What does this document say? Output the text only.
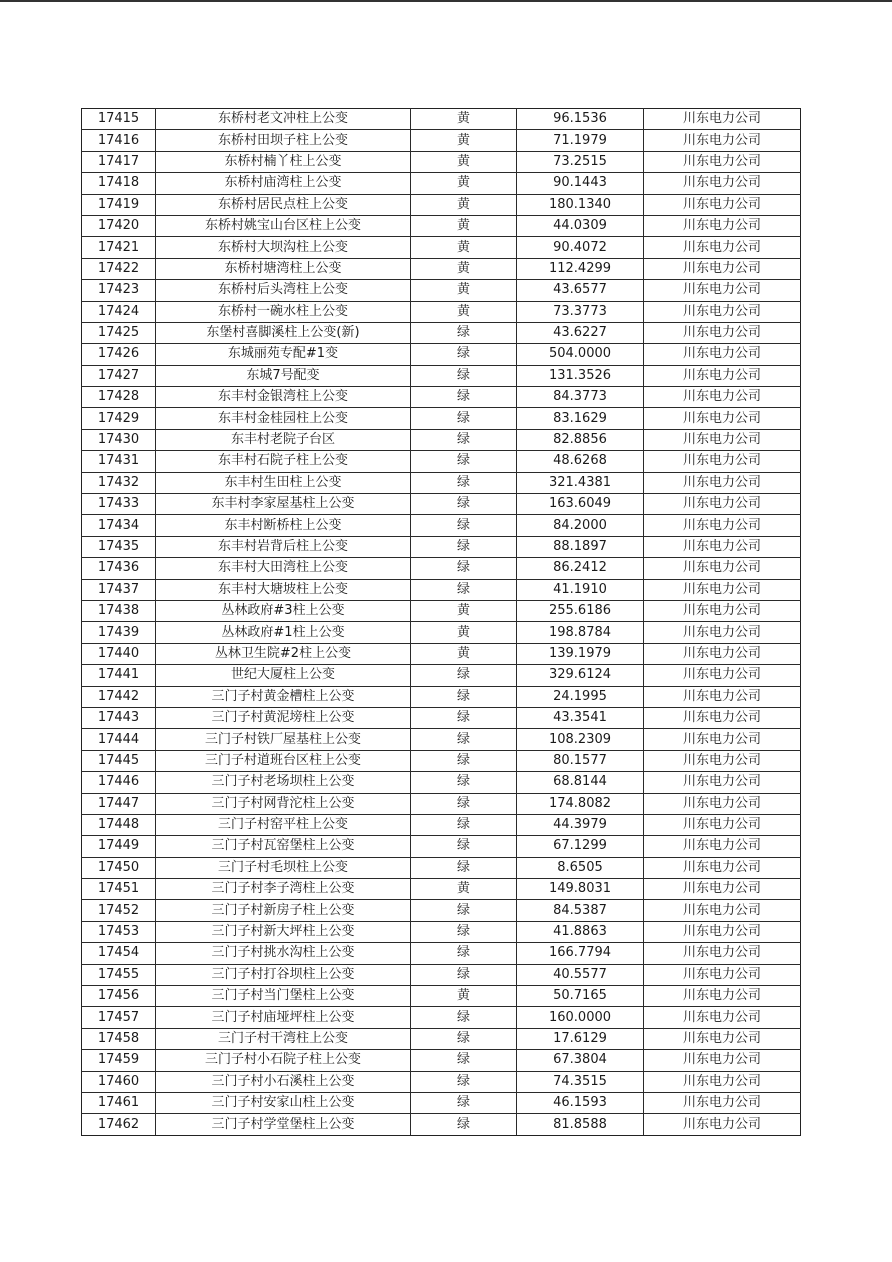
17415	东桥村老文冲柱上公变	黄	96.1536	川东电力公司
17416	东桥村田坝子柱上公变	黄	71.1979	川东电力公司
17417	东桥村楠丫柱上公变	黄	73.2515	川东电力公司
17418	东桥村庙湾柱上公变	黄	90.1443	川东电力公司
17419	东桥村居民点柱上公变	黄	180.1340	川东电力公司
17420	东桥村姚宝山台区柱上公变	黄	44.0309	川东电力公司
17421	东桥村大坝沟柱上公变	黄	90.4072	川东电力公司
17422	东桥村塘湾柱上公变	黄	112.4299	川东电力公司
17423	东桥村后头湾柱上公变	黄	43.6577	川东电力公司
17424	东桥村一碗水柱上公变	黄	73.3773	川东电力公司
17425	东堡村喜脚溪柱上公变(新)	绿	43.6227	川东电力公司
17426	东城丽苑专配#1变	绿	504.0000	川东电力公司
17427	东城7号配变	绿	131.3526	川东电力公司
17428	东丰村金银湾柱上公变	绿	84.3773	川东电力公司
17429	东丰村金桂园柱上公变	绿	83.1629	川东电力公司
17430	东丰村老院子台区	绿	82.8856	川东电力公司
17431	东丰村石院子柱上公变	绿	48.6268	川东电力公司
17432	东丰村生田柱上公变	绿	321.4381	川东电力公司
17433	东丰村李家屋基柱上公变	绿	163.6049	川东电力公司
17434	东丰村断桥柱上公变	绿	84.2000	川东电力公司
17435	东丰村岩背后柱上公变	绿	88.1897	川东电力公司
17436	东丰村大田湾柱上公变	绿	86.2412	川东电力公司
17437	东丰村大塘坡柱上公变	绿	41.1910	川东电力公司
17438	丛林政府#3柱上公变	黄	255.6186	川东电力公司
17439	丛林政府#1柱上公变	黄	198.8784	川东电力公司
17440	丛林卫生院#2柱上公变	黄	139.1979	川东电力公司
17441	世纪大厦柱上公变	绿	329.6124	川东电力公司
17442	三门子村黄金槽柱上公变	绿	24.1995	川东电力公司
17443	三门子村黄泥塝柱上公变	绿	43.3541	川东电力公司
17444	三门子村铁厂屋基柱上公变	绿	108.2309	川东电力公司
17445	三门子村道班台区柱上公变	绿	80.1577	川东电力公司
17446	三门子村老场坝柱上公变	绿	68.8144	川东电力公司
17447	三门子村网背沱柱上公变	绿	174.8082	川东电力公司
17448	三门子村窑平柱上公变	绿	44.3979	川东电力公司
17449	三门子村瓦窑堡柱上公变	绿	67.1299	川东电力公司
17450	三门子村毛坝柱上公变	绿	8.6505	川东电力公司
17451	三门子村李子湾柱上公变	黄	149.8031	川东电力公司
17452	三门子村新房子柱上公变	绿	84.5387	川东电力公司
17453	三门子村新大坪柱上公变	绿	41.8863	川东电力公司
17454	三门子村挑水沟柱上公变	绿	166.7794	川东电力公司
17455	三门子村打谷坝柱上公变	绿	40.5577	川东电力公司
17456	三门子村当门堡柱上公变	黄	50.7165	川东电力公司
17457	三门子村庙垭坪柱上公变	绿	160.0000	川东电力公司
17458	三门子村干湾柱上公变	绿	17.6129	川东电力公司
17459	三门子村小石院子柱上公变	绿	67.3804	川东电力公司
17460	三门子村小石溪柱上公变	绿	74.3515	川东电力公司
17461	三门子村安家山柱上公变	绿	46.1593	川东电力公司
17462	三门子村学堂堡柱上公变	绿	81.8588	川东电力公司
